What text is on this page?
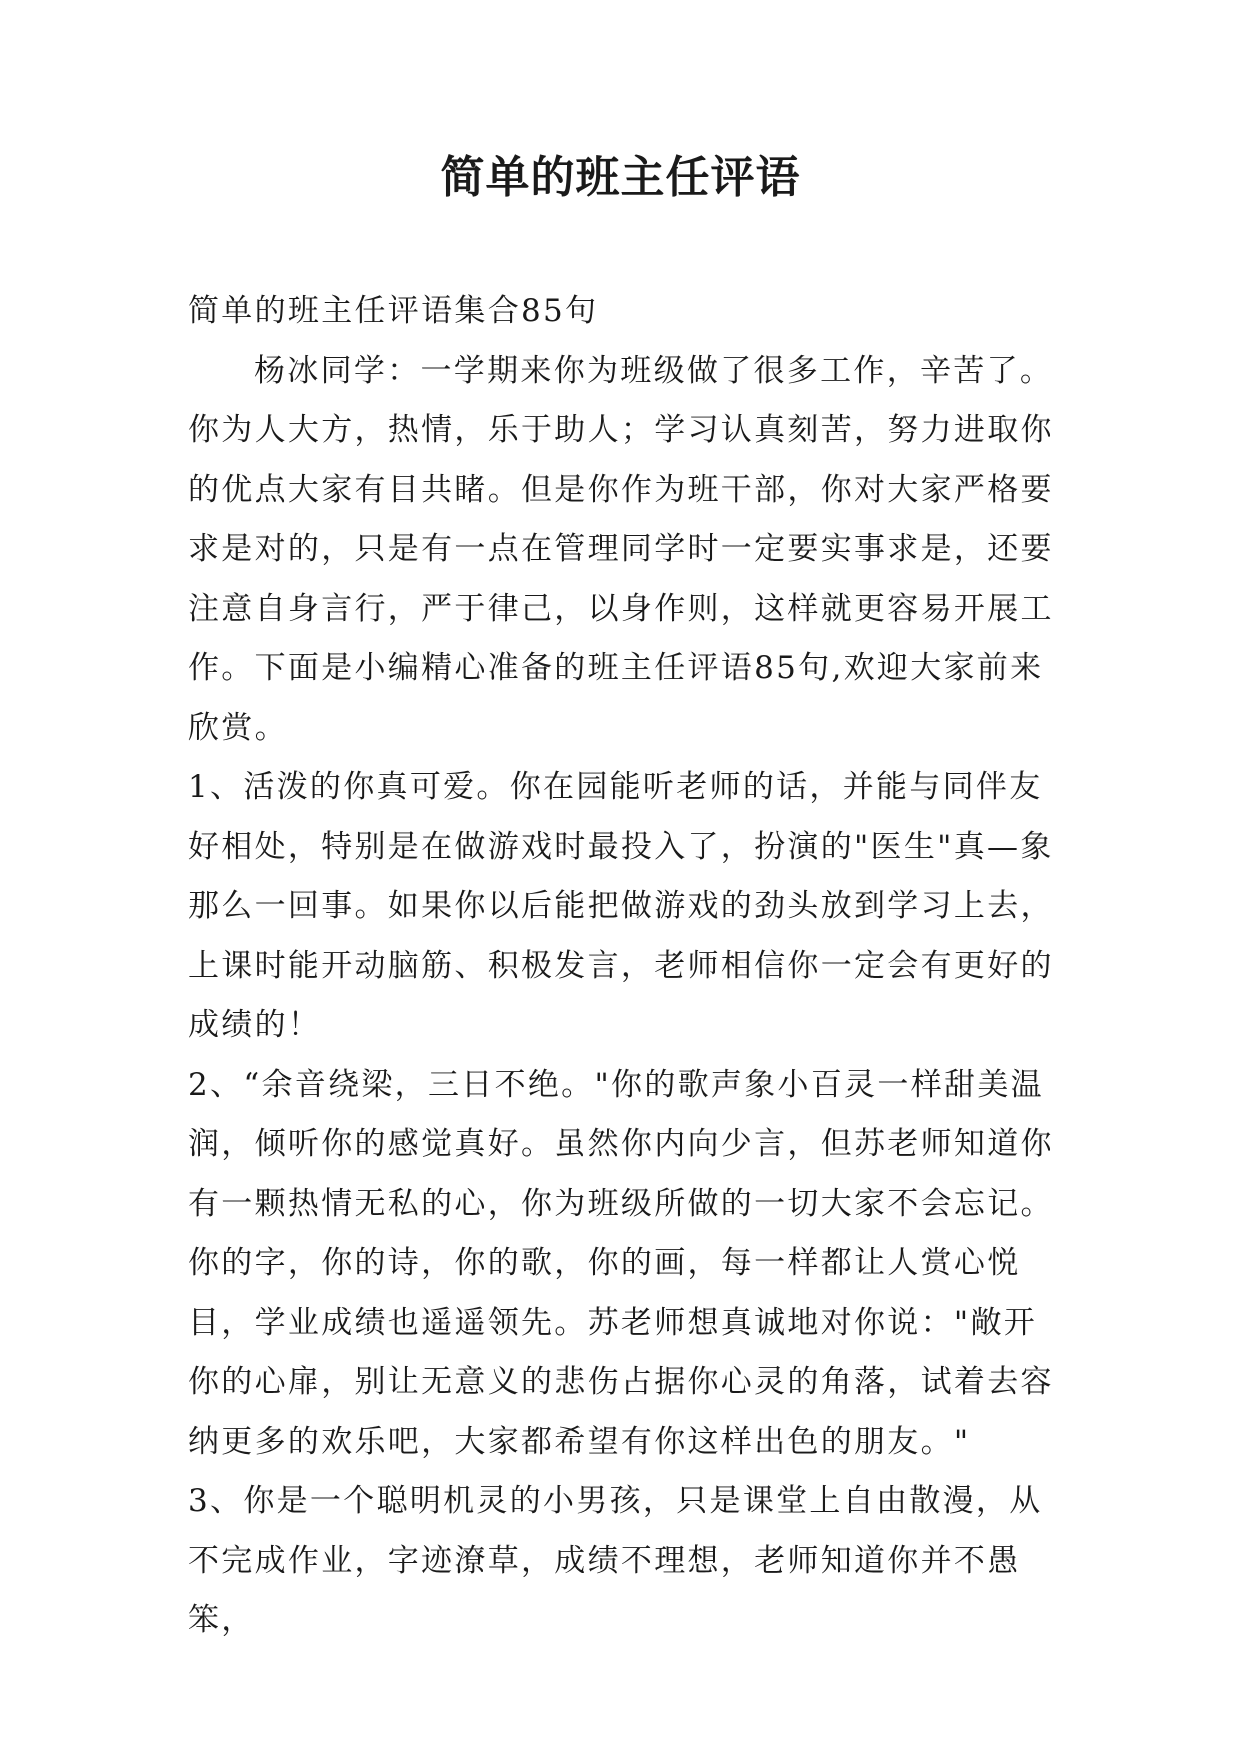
简单的班主任评语

简单的班主任评语集合85句

杨冰同学：一学期来你为班级做了很多工作，辛苦了。你为人大方，热情，乐于助人；学习认真刻苦，努力进取你的优点大家有目共睹。但是你作为班干部，你对大家严格要求是对的，只是有一点在管理同学时一定要实事求是，还要注意自身言行，严于律己，以身作则，这样就更容易开展工作。下面是小编精心准备的班主任评语85句,欢迎大家前来欣赏。

1、活泼的你真可爱。你在园能听老师的话，并能与同伴友好相处，特别是在做游戏时最投入了，扮演的"医生"真—象那么一回事。如果你以后能把做游戏的劲头放到学习上去，上课时能开动脑筋、积极发言，老师相信你一定会有更好的成绩的！

2、“余音绕梁，三日不绝。"你的歌声象小百灵一样甜美温润，倾听你的感觉真好。虽然你内向少言，但苏老师知道你有一颗热情无私的心，你为班级所做的一切大家不会忘记。你的字，你的诗，你的歌，你的画，每一样都让人赏心悦目，学业成绩也遥遥领先。苏老师想真诚地对你说："敞开你的心扉，别让无意义的悲伤占据你心灵的角落，试着去容纳更多的欢乐吧，大家都希望有你这样出色的朋友。"

3、你是一个聪明机灵的小男孩，只是课堂上自由散漫，从不完成作业，字迹潦草，成绩不理想，老师知道你并不愚笨，
